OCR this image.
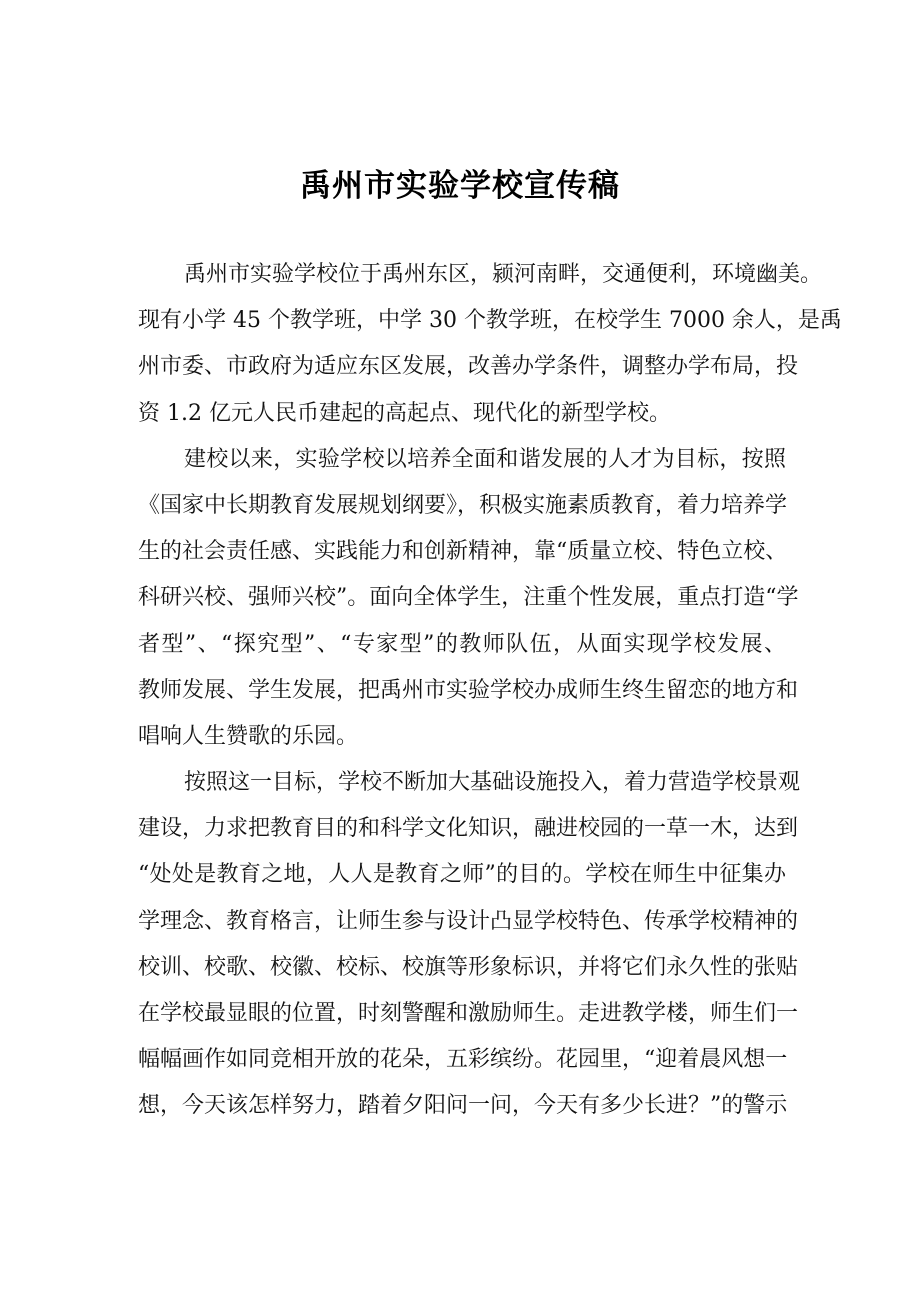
禹州市实验学校宣传稿
禹州市实验学校位于禹州东区，颍河南畔，交通便利，环境幽美。
现有小学 45 个教学班，中学 30 个教学班，在校学生 7000 余人，是禹
州市委、市政府为适应东区发展，改善办学条件，调整办学布局，投
资 1.2 亿元人民币建起的高起点、现代化的新型学校。
建校以来，实验学校以培养全面和谐发展的人才为目标，按照
《国家中长期教育发展规划纲要》，积极实施素质教育，着力培养学
生的社会责任感、实践能力和创新精神，靠“质量立校、特色立校、
科研兴校、强师兴校”。面向全体学生，注重个性发展，重点打造“学
者型”、“探究型”、“专家型”的教师队伍，从面实现学校发展、
教师发展、学生发展，把禹州市实验学校办成师生终生留恋的地方和
唱响人生赞歌的乐园。
按照这一目标，学校不断加大基础设施投入，着力营造学校景观
建设，力求把教育目的和科学文化知识，融进校园的一草一木，达到
“处处是教育之地，人人是教育之师”的目的。学校在师生中征集办
学理念、教育格言，让师生参与设计凸显学校特色、传承学校精神的
校训、校歌、校徽、校标、校旗等形象标识，并将它们永久性的张贴
在学校最显眼的位置，时刻警醒和激励师生。走进教学楼，师生们一
幅幅画作如同竞相开放的花朵，五彩缤纷。花园里，“迎着晨风想一
想，今天该怎样努力，踏着夕阳问一问，今天有多少长进？”的警示
